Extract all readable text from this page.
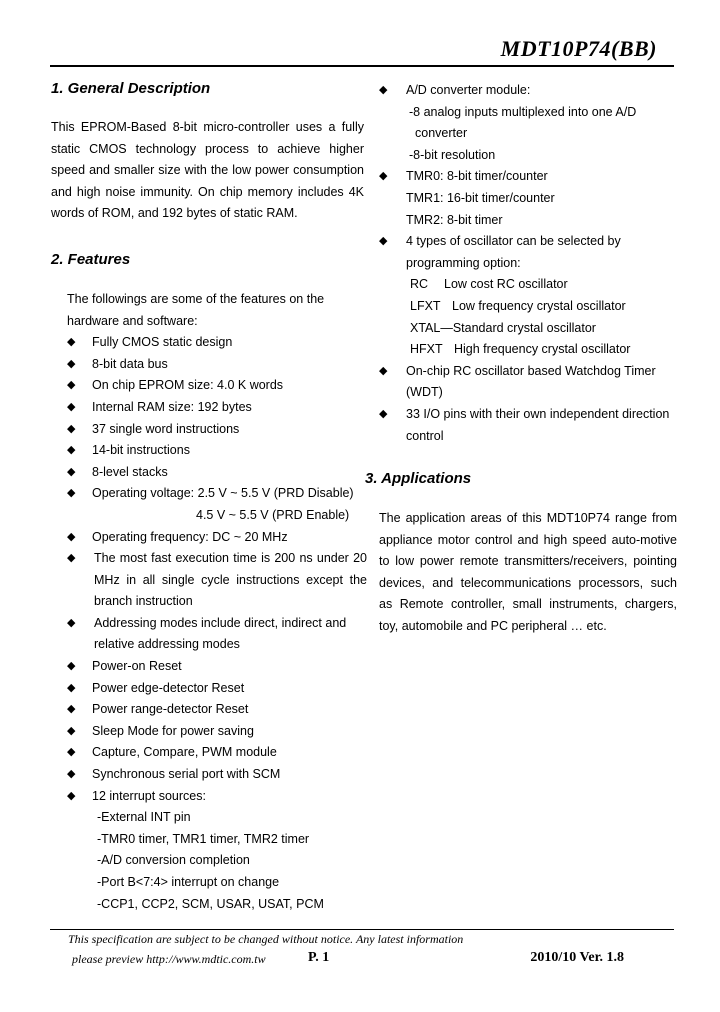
MDT10P74(BB)
1. General Description

This EPROM-Based 8-bit micro-controller uses a fully static CMOS technology process to achieve higher speed and smaller size with the low power consumption and high noise immunity. On chip memory includes 4K words of ROM, and 192 bytes of static RAM.

2. Features
The followings are some of the features on the
hardware and software:
◆ Fully CMOS static design
◆ 8-bit data bus
◆ On chip EPROM size: 4.0 K words
◆ Internal RAM size: 192 bytes
◆ 37 single word instructions
◆ 14-bit instructions
◆ 8-level stacks
◆ Operating voltage: 2.5 V ~ 5.5 V (PRD Disable)
4.5 V ~ 5.5 V (PRD Enable)
◆ Operating frequency: DC ~ 20 MHz
◆ The most fast execution time is 200 ns under 20 MHz in all single cycle instructions except the branch instruction
◆ Addressing modes include direct, indirect and relative addressing modes
◆ Power-on Reset
◆ Power edge-detector Reset
◆ Power range-detector Reset
◆ Sleep Mode for power saving
◆ Capture, Compare, PWM module
◆ Synchronous serial port with SCM
◆ 12 interrupt sources:
-External INT pin
-TMR0 timer, TMR1 timer, TMR2 timer
-A/D conversion completion
-Port B<7:4> interrupt on change
-CCP1, CCP2, SCM, USAR, USAT, PCM
◆ A/D converter module:
-8 analog inputs multiplexed into one A/D
converter
-8-bit resolution
◆ TMR0: 8-bit timer/counter
TMR1: 16-bit timer/counter
TMR2: 8-bit timer
◆ 4 types of oscillator can be selected by
programming option:
RC Low cost RC oscillator
LFXT Low frequency crystal oscillator
XTAL—Standard crystal oscillator
HFXT High frequency crystal oscillator
◆ On-chip RC oscillator based Watchdog Timer
(WDT)
◆ 33 I/O pins with their own independent direction
control
3. Applications

The application areas of this MDT10P74 range from appliance motor control and high speed auto-motive to low power remote transmitters/receivers, pointing devices, and telecommunications processors, such as Remote controller, small instruments, chargers, toy, automobile and PC peripheral … etc.

This specification are subject to be changed without notice. Any latest information
please preview http://www.mdtic.com.tw	P. 1	2010/10 Ver. 1.8
